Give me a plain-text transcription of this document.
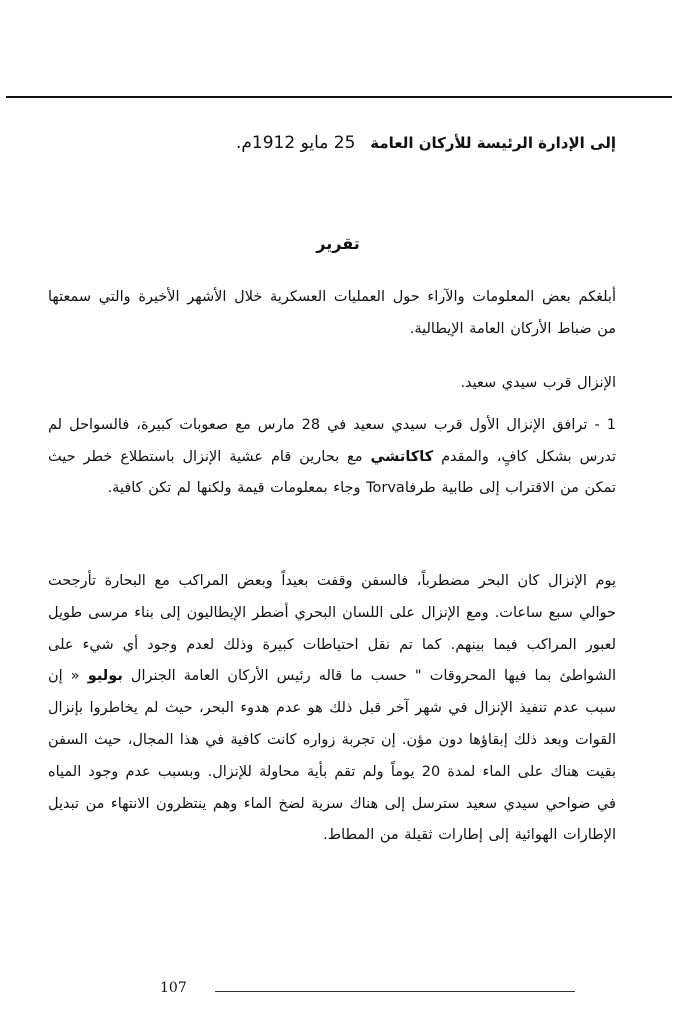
إلى الإدارة الرئيسة للأركان العامة 25 مايو 1912م.
تقرير
أبلغكم بعض المعلومات والآراء حول العمليات العسكرية خلال الأشهر الأخيرة والتي سمعتها من ضباط الأركان العامة الإيطالية.
الإنزال قرب سيدي سعيد.
1 - ترافق الإنزال الأول قرب سيدي سعيد في 28 مارس مع صعوبات كبيرة، فالسواحل لم تدرس بشكل كافٍ، والمقدم كاكاتشي مع بحارين قام عشية الإنزال باستطلاع خطر حيث تمكن من الاقتراب إلى طابية طرفاTorva وجاء بمعلومات قيمة ولكنها لم تكن كافية.
يوم الإنزال كان البحر مضطرباً، فالسفن وقفت بعيداً وبعض المراكب مع البحارة تأرجحت حوالي سبع ساعات. ومع الإنزال على اللسان البحري أضطر الإيطاليون إلى بناء مرسى طويل لعبور المراكب فيما بينهم. كما تم نقل احتياطات كبيرة وذلك لعدم وجود أي شيء على الشواطئ بما فيها المحروقات " حسب ما قاله رئيس الأركان العامة الجنرال بوليو « إن سبب عدم تنفيذ الإنزال في شهر آخر قبل ذلك هو عدم هدوء البحر، حيث لم يخاطروا بإنزال القوات وبعد ذلك إبقاؤها دون مؤن. إن تجربة زواره كانت كافية في هذا المجال، حيث السفن بقيت هناك على الماء لمدة 20 يوماً ولم تقم بأية محاولة للإنزال. وبسبب عدم وجود المياه في ضواحي سيدي سعيد سترسل إلى هناك سرية لضخ الماء وهم ينتظرون الانتهاء من تبديل الإطارات الهوائية إلى إطارات ثقيلة من المطاط.
107
